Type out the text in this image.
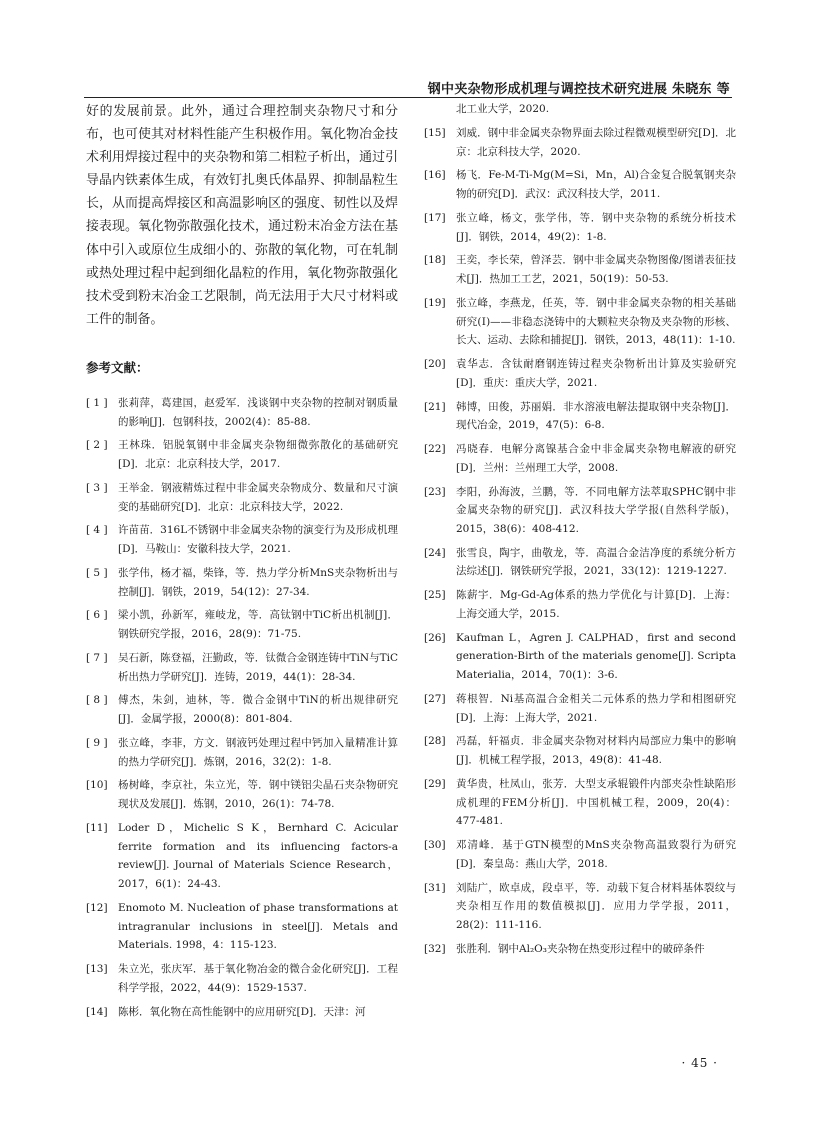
钢中夹杂物形成机理与调控技术研究进展 朱晓东 等

好的发展前景。此外，通过合理控制夹杂物尺寸和分布，也可使其对材料性能产生积极作用。氧化物冶金技术利用焊接过程中的夹杂物和第二相粒子析出，通过引导晶内铁素体生成，有效钉扎奥氏体晶界、抑制晶粒生长，从而提高焊接区和高温影响区的强度、韧性以及焊接表现。氧化物弥散强化技术，通过粉末冶金方法在基体中引入或原位生成细小的、弥散的氧化物，可在轧制或热处理过程中起到细化晶粒的作用，氧化物弥散强化技术受到粉末冶金工艺限制，尚无法用于大尺寸材料或工件的制备。

参考文献：
[ 1 ] 张莉萍，葛建国，赵爱军．浅谈钢中夹杂物的控制对钢质量的影响[J]．包钢科技，2002(4)：85-88.
[ 2 ] 王林珠．铝脱氧钢中非金属夹杂物细微弥散化的基础研究[D]．北京：北京科技大学，2017.
[ 3 ] 王举金．钢液精炼过程中非金属夹杂物成分、数量和尺寸演变的基础研究[D]．北京：北京科技大学，2022.
[ 4 ] 许苗苗．316L不锈钢中非金属夹杂物的演变行为及形成机理[D]．马鞍山：安徽科技大学，2021.
[ 5 ] 张学伟，杨才福，柴锋，等．热力学分析MnS夹杂物析出与控制[J]．钢铁，2019，54(12)：27-34.
[ 6 ] 梁小凯，孙新军，雍岐龙，等．高钛钢中TiC析出机制[J]．钢铁研究学报，2016，28(9)：71-75.
[ 7 ] 吴石新，陈登福，汪勤政，等．钛微合金钢连铸中TiN与TiC析出热力学研究[J]．连铸，2019，44(1)：28-34.
[ 8 ] 傅杰，朱剑，迪林，等．微合金钢中TiN的析出规律研究[J]．金属学报，2000(8)：801-804.
[ 9 ] 张立峰，李菲，方文．钢液钙处理过程中钙加入量精准计算的热力学研究[J]．炼钢，2016，32(2)：1-8.
[10] 杨树峰，李京社，朱立光，等．钢中镁铝尖晶石夹杂物研究现状及发展[J]．炼钢，2010，26(1)：74-78.
[11] Loder D，Michelic S K，Bernhard C. Acicular ferrite formation and its influencing factors-a review[J]. Journal of Materials Science Research，2017，6(1)：24-43.
[12] Enomoto M. Nucleation of phase transformations at intragranular inclusions in steel[J]. Metals and Materials. 1998，4：115-123.
[13] 朱立光，张庆军．基于氧化物冶金的微合金化研究[J]．工程科学学报，2022，44(9)：1529-1537.
[14] 陈彬．氧化物在高性能钢中的应用研究[D]．天津：河
北工业大学，2020.
[15] 刘威．钢中非金属夹杂物界面去除过程微观模型研究[D]．北京：北京科技大学，2020.
[16] 杨飞．Fe-M-Ti-Mg(M=Si，Mn，Al)合金复合脱氧钢夹杂物的研究[D]．武汉：武汉科技大学，2011.
[17] 张立峰，杨文，张学伟，等．钢中夹杂物的系统分析技术[J]．钢铁，2014，49(2)：1-8.
[18] 王奕，李长荣，曾泽芸．钢中非金属夹杂物图像/图谱表征技术[J]．热加工工艺，2021，50(19)：50-53.
[19] 张立峰，李燕龙，任英，等．钢中非金属夹杂物的相关基础研究(Ⅰ)——非稳态浇铸中的大颗粒夹杂物及夹杂物的形核、长大、运动、去除和捕捉[J]．钢铁，2013，48(11)：1-10.
[20] 袁华志．含钛耐磨钢连铸过程夹杂物析出计算及实验研究[D]．重庆：重庆大学，2021.
[21] 韩博，田俊，苏丽娟．非水溶液电解法提取钢中夹杂物[J]．现代冶金，2019，47(5)：6-8.
[22] 冯晓春．电解分离镍基合金中非金属夹杂物电解液的研究[D]．兰州：兰州理工大学，2008.
[23] 李阳，孙海波，兰鹏，等．不同电解方法萃取SPHC钢中非金属夹杂物的研究[J]．武汉科技大学学报(自然科学版)，2015，38(6)：408-412.
[24] 张雪良，陶宇，曲敬龙，等．高温合金洁净度的系统分析方法综述[J]．钢铁研究学报，2021，33(12)：1219-1227.
[25] 陈薪宇．Mg-Gd-Ag体系的热力学优化与计算[D]．上海：上海交通大学，2015.
[26] Kaufman L，Agren J. CALPHAD，first and second generation-Birth of the materials genome[J]. Scripta Materialia，2014，70(1)：3-6.
[27] 蒋根智．Ni基高温合金相关二元体系的热力学和相图研究[D]．上海：上海大学，2021.
[28] 冯磊，轩福贞．非金属夹杂物对材料内局部应力集中的影响[J]．机械工程学报，2013，49(8)：41-48.
[29] 黄华贵，杜凤山，张芳．大型支承辊锻件内部夹杂性缺陷形成机理的FEM分析[J]．中国机械工程，2009，20(4)：477-481.
[30] 邓清峰．基于GTN模型的MnS夹杂物高温致裂行为研究[D]．秦皇岛：燕山大学，2018.
[31] 刘陆广，欧卓成，段卓平，等．动载下复合材料基体裂纹与夹杂相互作用的数值模拟[J]．应用力学学报，2011，28(2)：111-116.
[32] 张胜利．钢中Al₂O₃夹杂物在热变形过程中的破碎条件
· 45 ·
